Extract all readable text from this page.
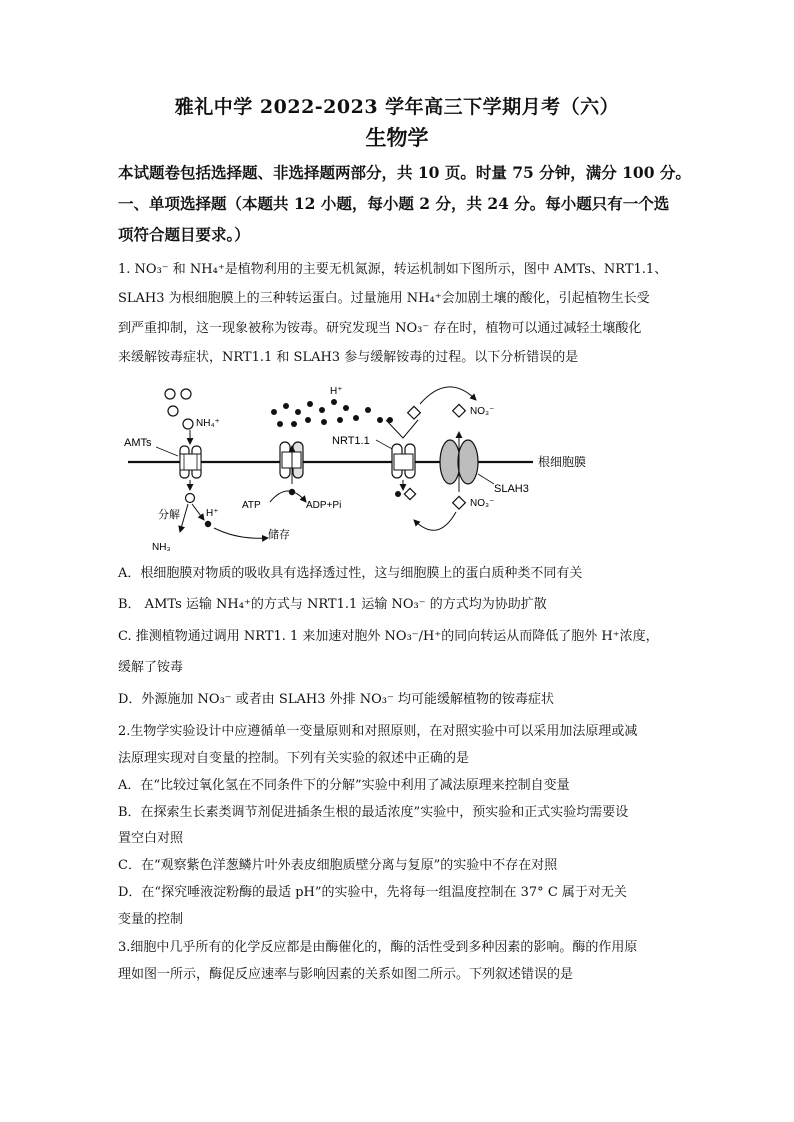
雅礼中学 2022-2023 学年高三下学期月考（六）
生物学
本试题卷包括选择题、非选择题两部分，共 10 页。时量 75 分钟，满分 100 分。
一、单项选择题（本题共 12 小题，每小题 2 分，共 24 分。每小题只有一个选
项符合题目要求。）
1. NO₃⁻ 和 NH₄⁺是植物利用的主要无机氮源，转运机制如下图所示，图中 AMTs、NRT1.1、
SLAH3 为根细胞膜上的三种转运蛋白。过量施用 NH₄⁺会加剧土壤的酸化，引起植物生长受
到严重抑制，这一现象被称为铵毒。研究发现当 NO₃⁻ 存在时，植物可以通过减轻土壤酸化
来缓解铵毒症状，NRT1.1 和 SLAH3 参与缓解铵毒的过程。以下分析错误的是
AMTs
NH₄⁺
分解
NH₃
H⁺
ATP	ADP+Pi
储存
H⁺
NRT1.1
NO₃⁻
NO₃⁻
SLAH3
根细胞膜
A．根细胞膜对物质的吸收具有选择透过性，这与细胞膜上的蛋白质种类不同有关
B． AMTs 运输 NH₄⁺的方式与 NRT1.1 运输 NO₃⁻ 的方式均为协助扩散
C. 推测植物通过调用 NRT1. 1 来加速对胞外 NO₃⁻/H⁺的同向转运从而降低了胞外 H⁺浓度，
缓解了铵毒
D．外源施加 NO₃⁻ 或者由 SLAH3 外排 NO₃⁻ 均可能缓解植物的铵毒症状
2.生物学实验设计中应遵循单一变量原则和对照原则，在对照实验中可以采用加法原理或减
法原理实现对自变量的控制。下列有关实验的叙述中正确的是
A．在“比较过氧化氢在不同条件下的分解”实验中利用了减法原理来控制自变量
B．在探索生长素类调节剂促进插条生根的最适浓度”实验中，预实验和正式实验均需要设
置空白对照
C．在“观察紫色洋葱鳞片叶外表皮细胞质壁分离与复原”的实验中不存在对照
D．在“探究唾液淀粉酶的最适 pH”的实验中，先将每一组温度控制在 37° C 属于对无关
变量的控制
3.细胞中几乎所有的化学反应都是由酶催化的，酶的活性受到多种因素的影响。酶的作用原
理如图一所示，酶促反应速率与影响因素的关系如图二所示。下列叙述错误的是
